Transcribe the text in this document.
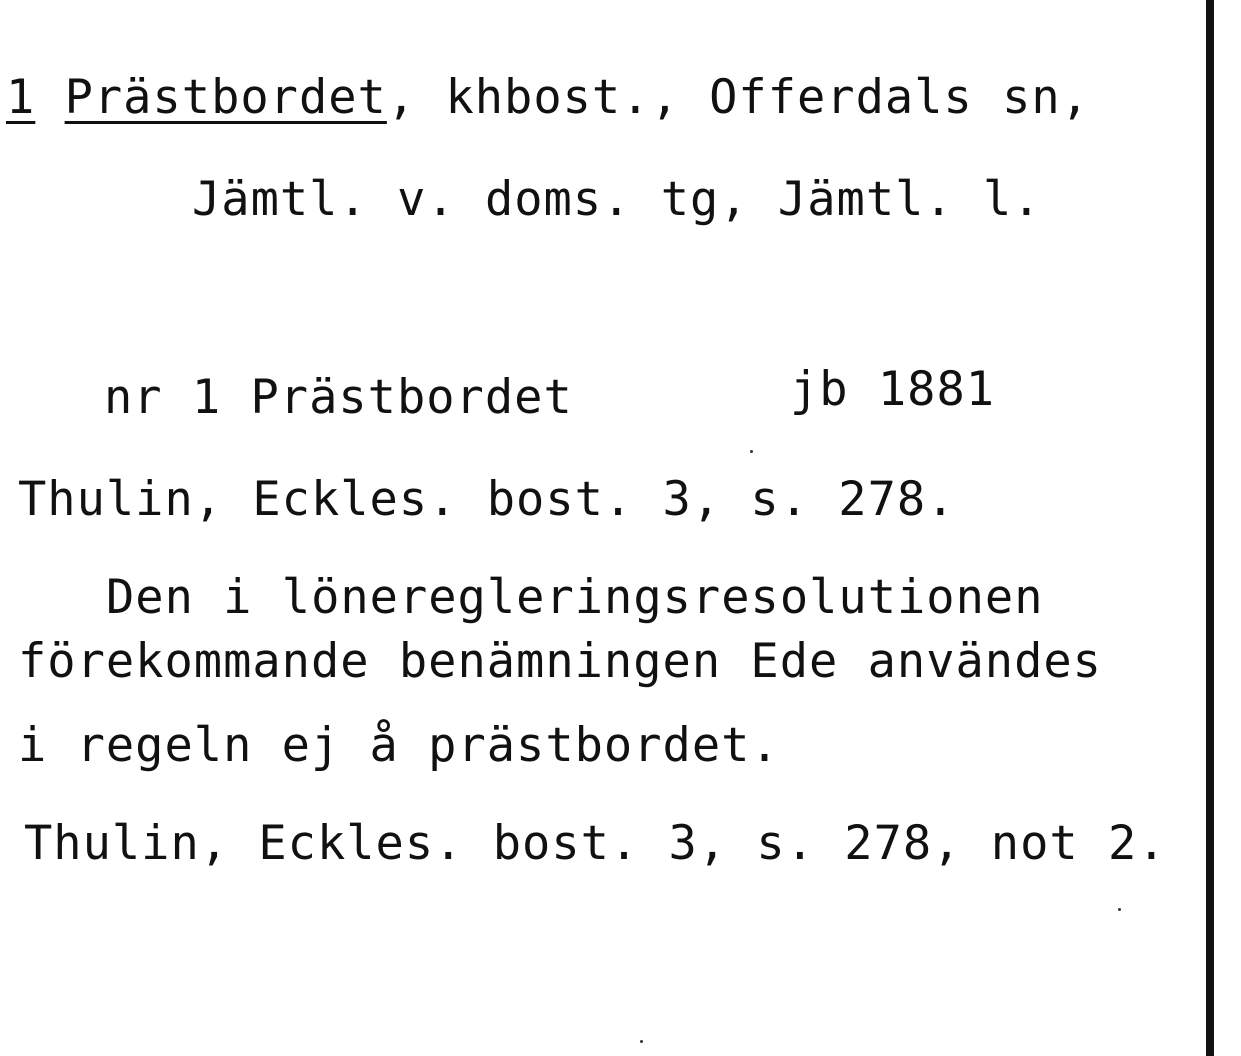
1 Prästbordet, khbost., Offerdals sn,
Jämtl. v. doms. tg, Jämtl. l.
nr 1 Prästbordet	jb 1881
Thulin, Eckles. bost. 3, s. 278.
Den i löneregleringsresolutionen
förekommande benämningen Ede användes
i regeln ej å prästbordet.
Thulin, Eckles. bost. 3, s. 278, not 2.
